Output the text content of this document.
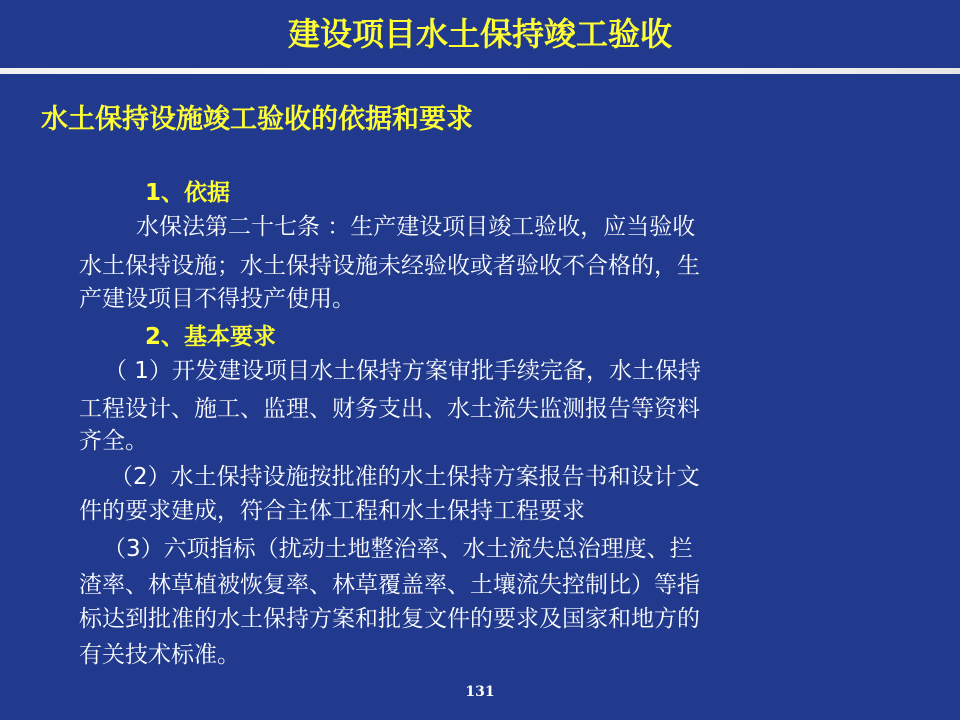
建设项目水土保持竣工验收
水土保持设施竣工验收的依据和要求
1、依据
水保法第二十七条 ：生产建设项目竣工验收，应当验收
水土保持设施；水土保持设施未经验收或者验收不合格的，生
产建设项目不得投产使用。
2、基本要求
（ 1）开发建设项目水土保持方案审批手续完备，水土保持
工程设计、施工、监理、财务支出、水土流失监测报告等资料
齐全。
（2）水土保持设施按批准的水土保持方案报告书和设计文
件的要求建成，符合主体工程和水土保持工程要求
（3）六项指标（扰动土地整治率、水土流失总治理度、拦
渣率、林草植被恢复率、林草覆盖率、土壤流失控制比）等指
标达到批准的水土保持方案和批复文件的要求及国家和地方的
有关技术标准。
131
